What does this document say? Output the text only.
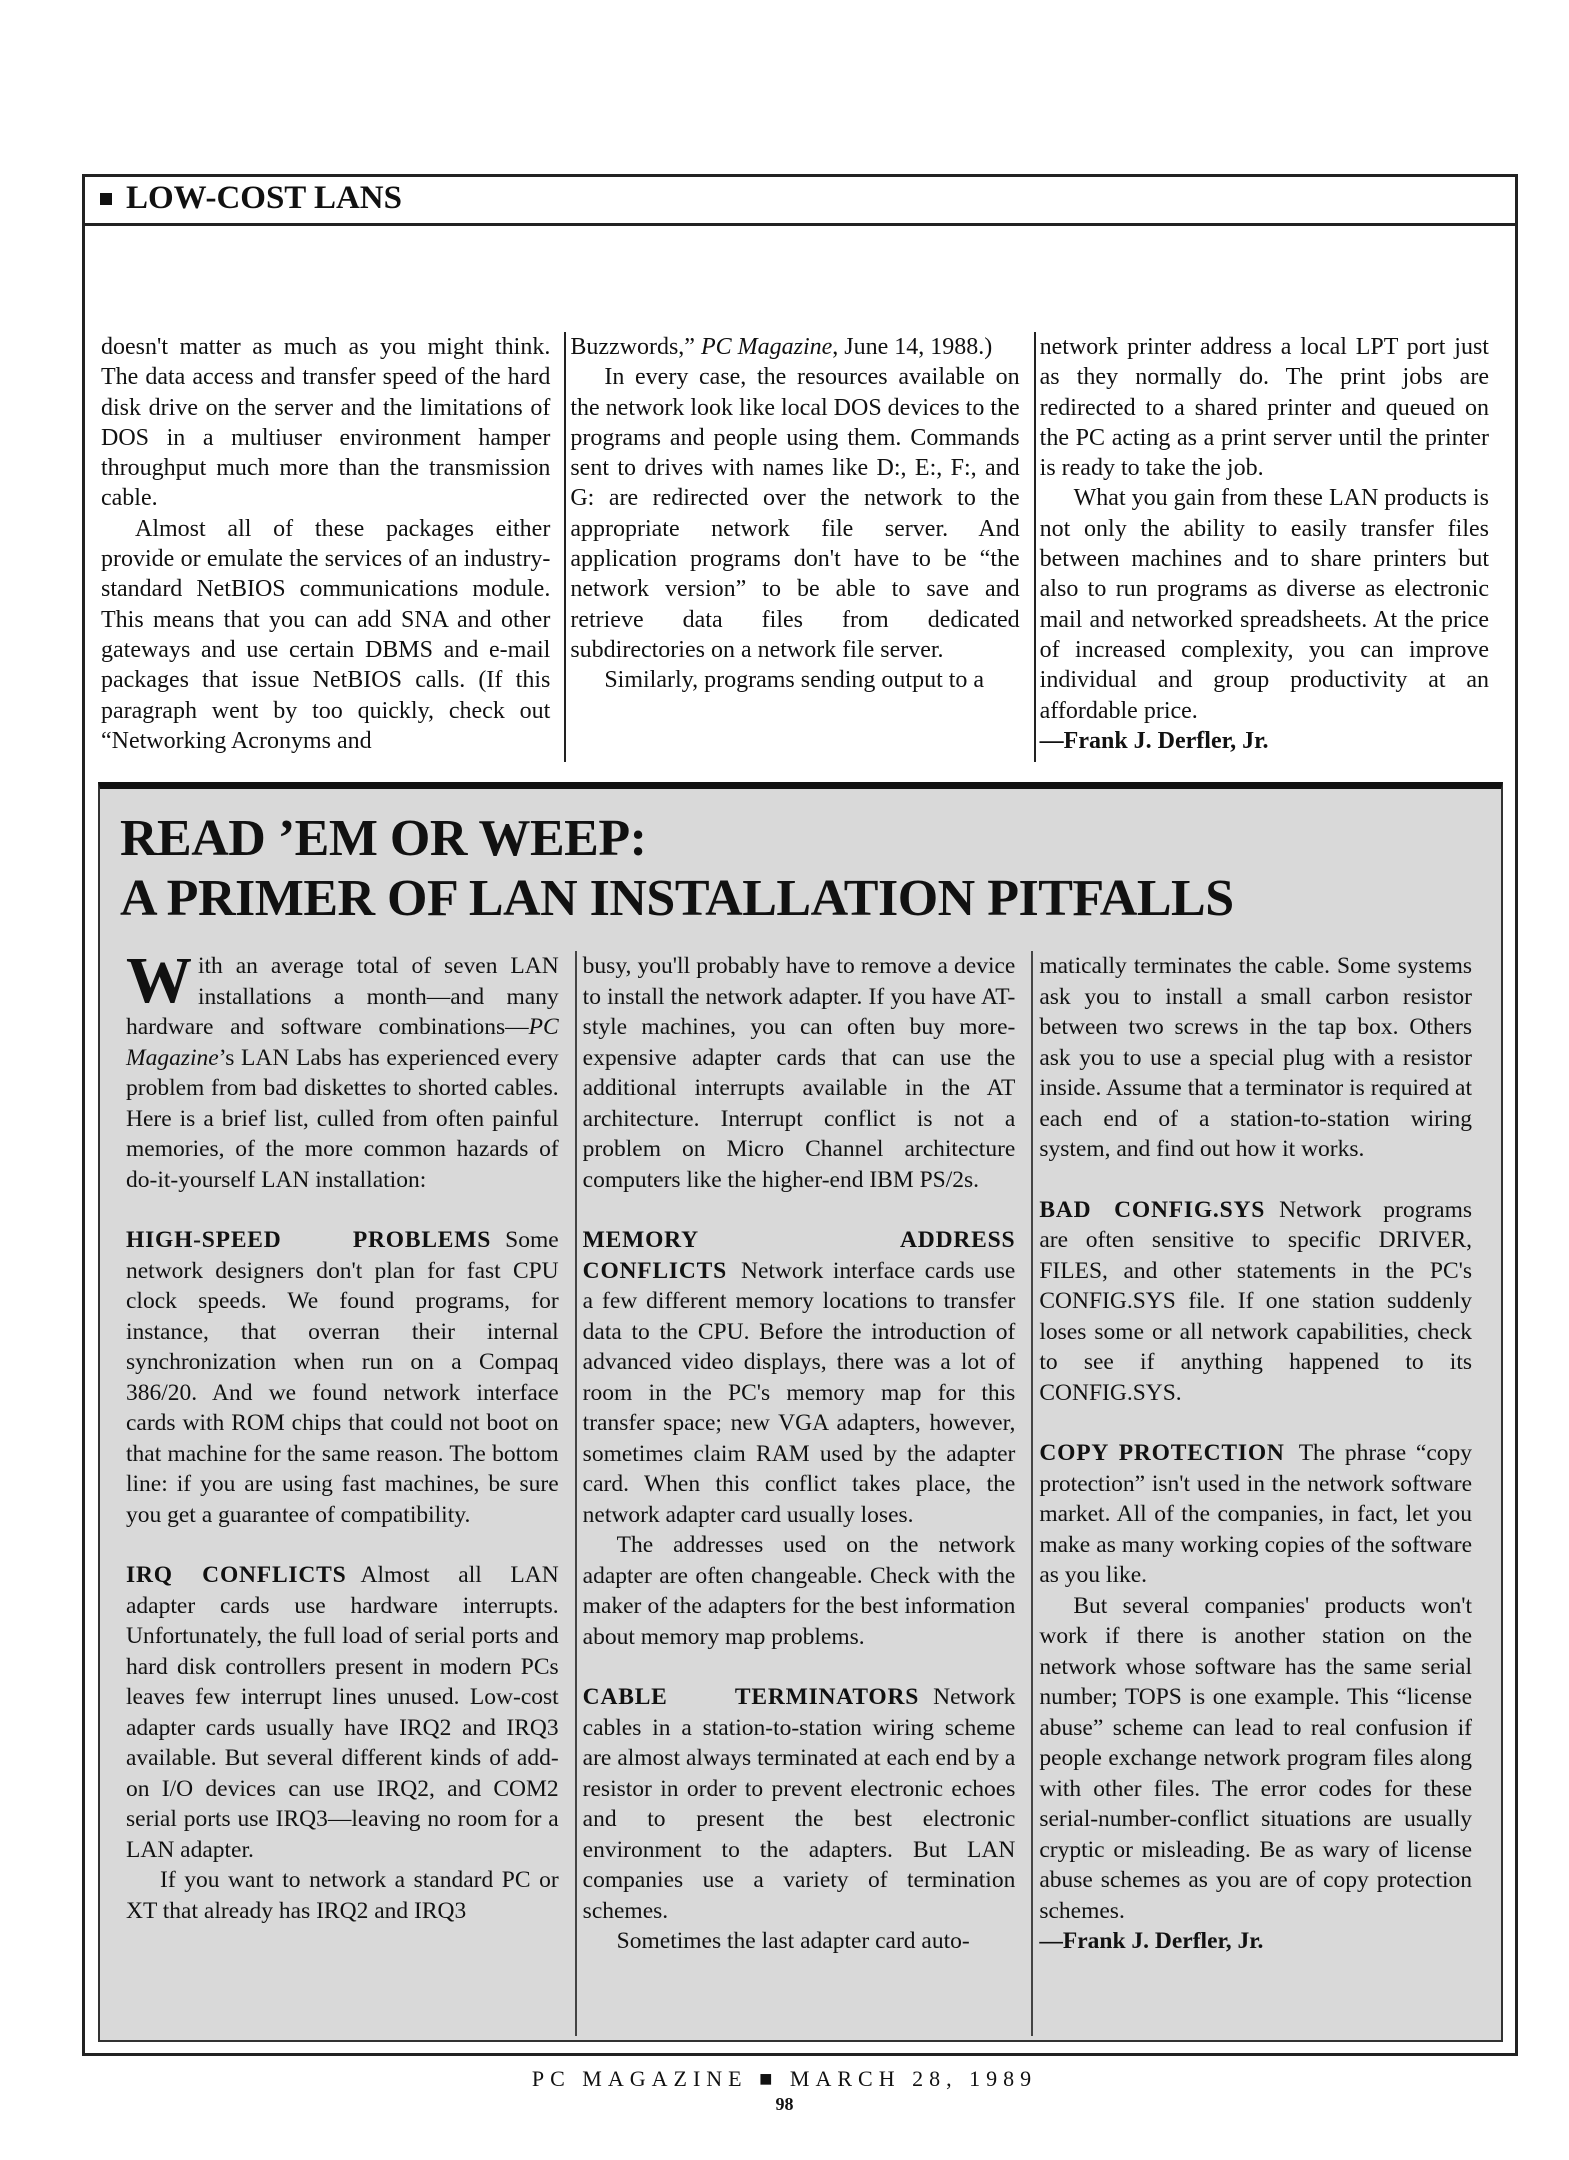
LOW-COST LANS

doesn't matter as much as you might think. The data access and transfer speed of the hard disk drive on the server and the limitations of DOS in a multiuser environment hamper throughput much more than the transmission cable.

Almost all of these packages either provide or emulate the services of an industry-standard NetBIOS communications module. This means that you can add SNA and other gateways and use certain DBMS and e-mail packages that issue NetBIOS calls. (If this paragraph went by too quickly, check out “Networking Acronyms and

Buzzwords,” PC Magazine, June 14, 1988.)

In every case, the resources available on the network look like local DOS devices to the programs and people using them. Commands sent to drives with names like D:, E:, F:, and G: are redirected over the network to the appropriate network file server. And application programs don't have to be “the network version” to be able to save and retrieve data files from dedicated subdirectories on a network file server.

Similarly, programs sending output to a

network printer address a local LPT port just as they normally do. The print jobs are redirected to a shared printer and queued on the PC acting as a print server until the printer is ready to take the job.

What you gain from these LAN products is not only the ability to easily transfer files between machines and to share printers but also to run programs as diverse as electronic mail and networked spreadsheets. At the price of increased complexity, you can improve individual and group productivity at an affordable price.

—Frank J. Derfler, Jr.

READ ’EM OR WEEP:
A PRIMER OF LAN INSTALLATION PITFALLS

With an average total of seven LAN installations a month—and many hardware and software combinations—PC Magazine’s LAN Labs has experienced every problem from bad diskettes to shorted cables. Here is a brief list, culled from often painful memories, of the more common hazards of do-it-yourself LAN installation:

HIGH-SPEED PROBLEMS Some network designers don't plan for fast CPU clock speeds. We found programs, for instance, that overran their internal synchronization when run on a Compaq 386/20. And we found network interface cards with ROM chips that could not boot on that machine for the same reason. The bottom line: if you are using fast machines, be sure you get a guarantee of compatibility.

IRQ CONFLICTS Almost all LAN adapter cards use hardware interrupts. Unfortunately, the full load of serial ports and hard disk controllers present in modern PCs leaves few interrupt lines unused. Low-cost adapter cards usually have IRQ2 and IRQ3 available. But several different kinds of add-on I/O devices can use IRQ2, and COM2 serial ports use IRQ3—leaving no room for a LAN adapter.

If you want to network a standard PC or XT that already has IRQ2 and IRQ3

busy, you'll probably have to remove a device to install the network adapter. If you have AT-style machines, you can often buy more-expensive adapter cards that can use the additional interrupts available in the AT architecture. Interrupt conflict is not a problem on Micro Channel architecture computers like the higher-end IBM PS/2s.

MEMORY ADDRESS CONFLICTS Network interface cards use a few different memory locations to transfer data to the CPU. Before the introduction of advanced video displays, there was a lot of room in the PC's memory map for this transfer space; new VGA adapters, however, sometimes claim RAM used by the adapter card. When this conflict takes place, the network adapter card usually loses.

The addresses used on the network adapter are often changeable. Check with the maker of the adapters for the best information about memory map problems.

CABLE TERMINATORS Network cables in a station-to-station wiring scheme are almost always terminated at each end by a resistor in order to prevent electronic echoes and to present the best electronic environment to the adapters. But LAN companies use a variety of termination schemes.

Sometimes the last adapter card auto-

matically terminates the cable. Some systems ask you to install a small carbon resistor between two screws in the tap box. Others ask you to use a special plug with a resistor inside. Assume that a terminator is required at each end of a station-to-station wiring system, and find out how it works.

BAD CONFIG.SYS Network programs are often sensitive to specific DRIVER, FILES, and other statements in the PC's CONFIG.SYS file. If one station suddenly loses some or all network capabilities, check to see if anything happened to its CONFIG.SYS.

COPY PROTECTION The phrase “copy protection” isn't used in the network software market. All of the companies, in fact, let you make as many working copies of the software as you like.

But several companies' products won't work if there is another station on the network whose software has the same serial number; TOPS is one example. This “license abuse” scheme can lead to real confusion if people exchange network program files along with other files. The error codes for these serial-number-conflict situations are usually cryptic or misleading. Be as wary of license abuse schemes as you are of copy protection schemes.

—Frank J. Derfler, Jr.

PC MAGAZINE ■ MARCH 28, 1989
98
